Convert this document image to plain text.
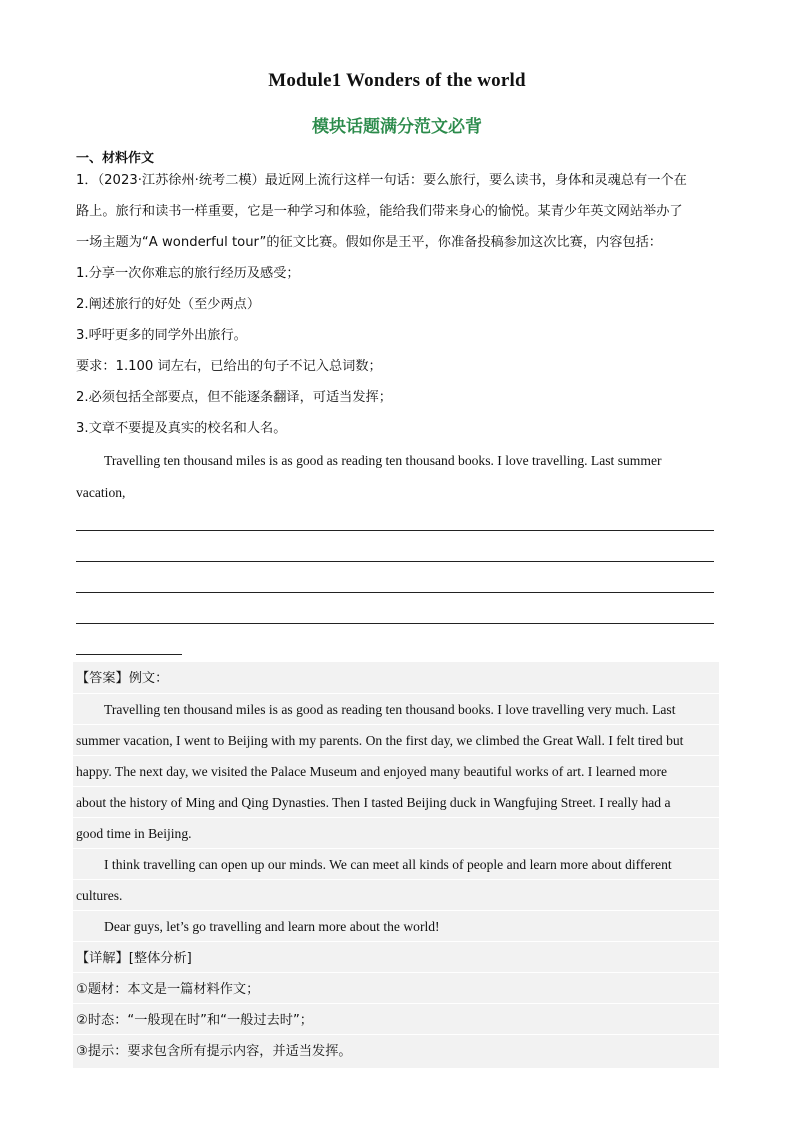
Module1 Wonders of the world
模块话题满分范文必背
一、材料作文
1．（2023·江苏徐州·统考二模）最近网上流行这样一句话：要么旅行，要么读书，身体和灵魂总有一个在
路上。旅行和读书一样重要，它是一种学习和体验，能给我们带来身心的愉悦。某青少年英文网站举办了
一场主题为“A wonderful tour”的征文比赛。假如你是王平，你准备投稿参加这次比赛，内容包括：
1.分享一次你难忘的旅行经历及感受；
2.阐述旅行的好处（至少两点）
3.呼吁更多的同学外出旅行。
要求：1.100 词左右，已给出的句子不记入总词数；
2.必须包括全部要点，但不能逐条翻译，可适当发挥；
3.文章不要提及真实的校名和人名。
Travelling ten thousand miles is as good as reading ten thousand books. I love travelling. Last summer
vacation,
【答案】例文：
Travelling ten thousand miles is as good as reading ten thousand books. I love travelling very much. Last
summer vacation, I went to Beijing with my parents. On the first day, we climbed the Great Wall. I felt tired but
happy. The next day, we visited the Palace Museum and enjoyed many beautiful works of art. I learned more
about the history of Ming and Qing Dynasties. Then I tasted Beijing duck in Wangfujing Street. I really had a
good time in Beijing.
I think travelling can open up our minds. We can meet all kinds of people and learn more about different
cultures.
Dear guys, let’s go travelling and learn more about the world!
【详解】[整体分析]
①题材：本文是一篇材料作文；
②时态：“一般现在时”和“一般过去时”；
③提示：要求包含所有提示内容，并适当发挥。
